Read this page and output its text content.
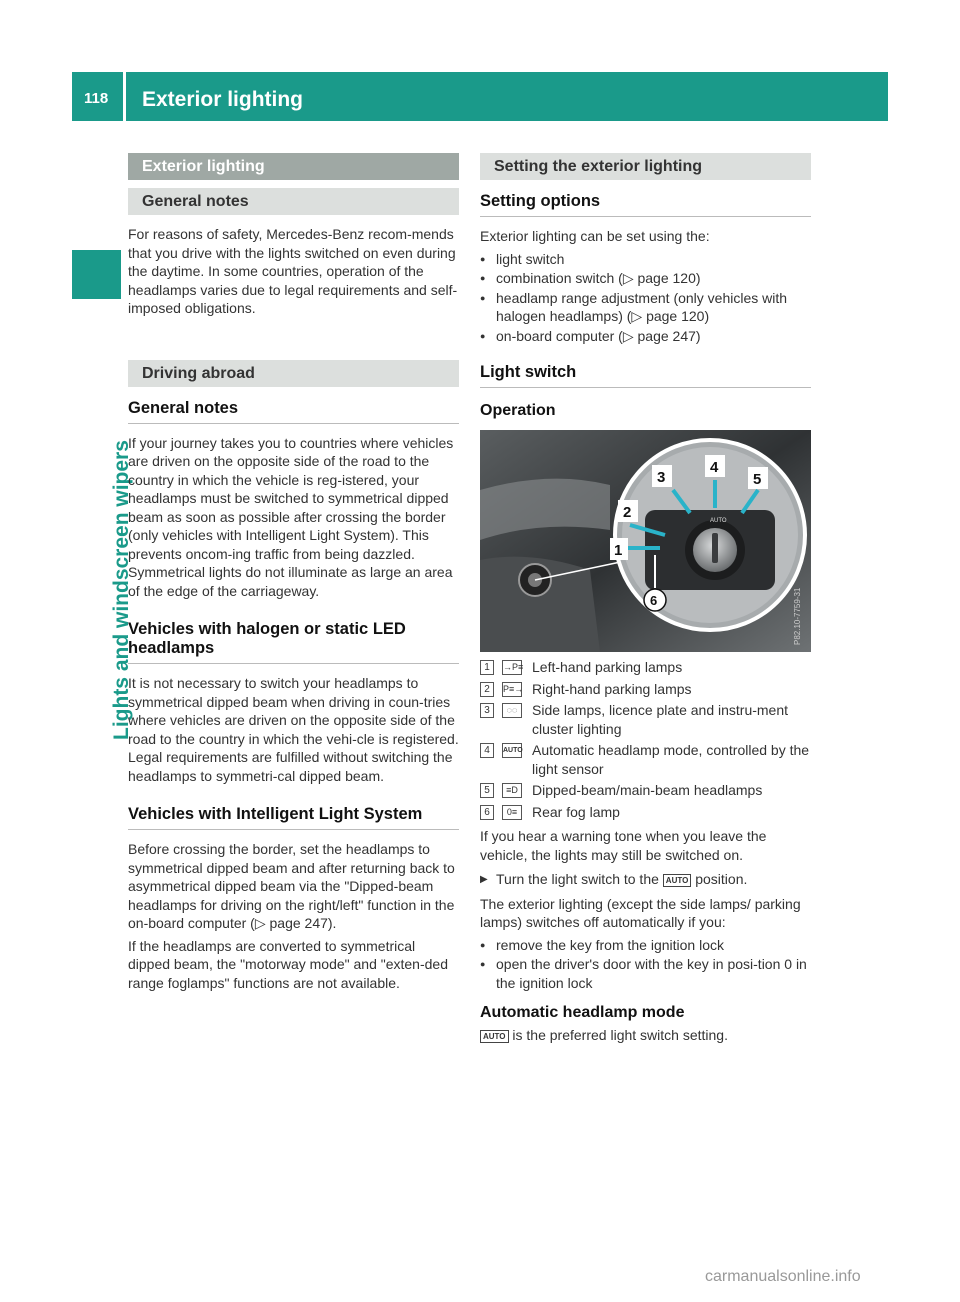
118 Exterior lighting
Lights and windscreen wipers
Exterior lighting
General notes
For reasons of safety, Mercedes-Benz recom-mends that you drive with the lights switched on even during the daytime. In some countries, operation of the headlamps varies due to legal requirements and self-imposed obligations.
Driving abroad
General notes
If your journey takes you to countries where vehicles are driven on the opposite side of the road to the country in which the vehicle is reg-istered, your headlamps must be switched to symmetrical dipped beam as soon as possible after crossing the border (only vehicles with Intelligent Light System). This prevents oncom-ing traffic from being dazzled. Symmetrical lights do not illuminate as large an area of the edge of the carriageway.
Vehicles with halogen or static LED headlamps
It is not necessary to switch your headlamps to symmetrical dipped beam when driving in coun-tries where vehicles are driven on the opposite side of the road to the country in which the vehi-cle is registered. Legal requirements are fulfilled without switching the headlamps to symmetri-cal dipped beam.
Vehicles with Intelligent Light System
Before crossing the border, set the headlamps to symmetrical dipped beam and after returning back to asymmetrical dipped beam via the "Dipped-beam headlamps for driving on the right/left" function in the on-board computer (▷ page 247).
If the headlamps are converted to symmetrical dipped beam, the "motorway mode" and "exten-ded range foglamps" functions are not available.
Setting the exterior lighting
Setting options
Exterior lighting can be set using the:
● light switch
● combination switch (▷ page 120)
● headlamp range adjustment (only vehicles with halogen headlamps) (▷ page 120)
● on-board computer (▷ page 247)
Light switch
Operation
AUTO
1
2
3
4
5
6	P82.10-7759-31
1	→P≡ Left-hand parking lamps
2	P≡→ Right-hand parking lamps
3	◌◌	Side lamps, licence plate and instru-ment cluster lighting
4	AUTO Automatic headlamp mode, controlled by the light sensor
5	≡D Dipped-beam/main-beam headlamps
6	0≡	Rear fog lamp
If you hear a warning tone when you leave the vehicle, the lights may still be switched on.
▶ Turn the light switch to the AUTO position.
The exterior lighting (except the side lamps/ parking lamps) switches off automatically if you:
● remove the key from the ignition lock
● open the driver's door with the key in posi-tion 0 in the ignition lock
Automatic headlamp mode
AUTO is the preferred light switch setting.
carmanualsonline.info
